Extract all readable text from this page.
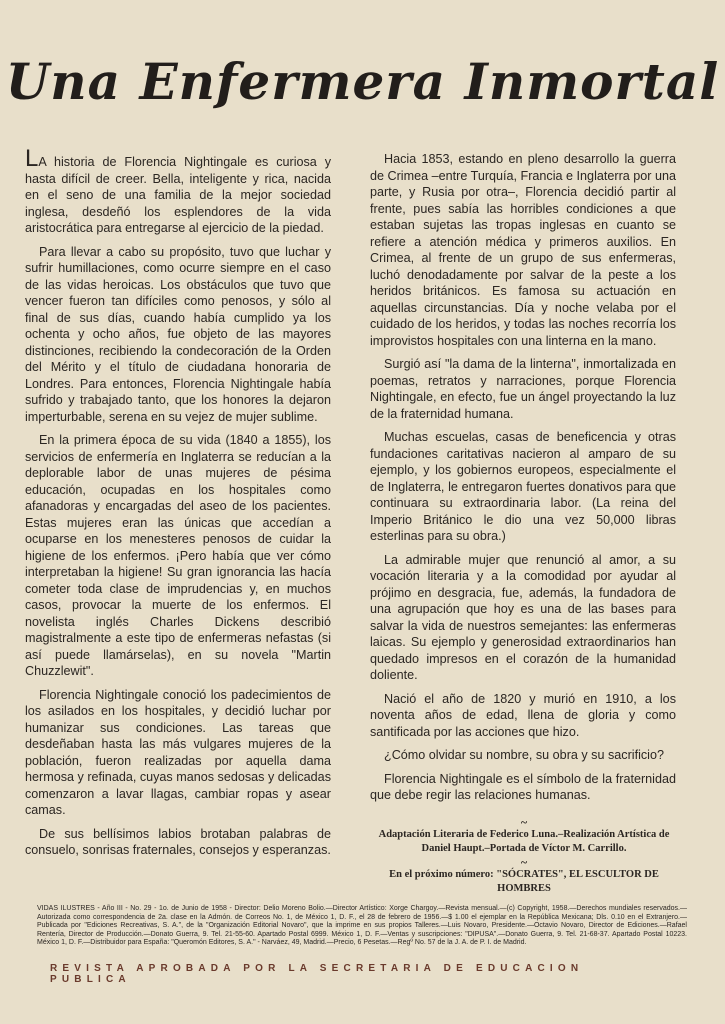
Una Enfermera Inmortal

LA historia de Florencia Nightingale es curiosa y hasta difícil de creer. Bella, inteligente y rica, nacida en el seno de una familia de la mejor sociedad inglesa, desdeñó los esplendores de la vida aristocrática para entregarse al ejercicio de la piedad.

Para llevar a cabo su propósito, tuvo que luchar y sufrir humillaciones, como ocurre siempre en el caso de las vidas heroicas. Los obstáculos que tuvo que vencer fueron tan difíciles como penosos, y sólo al final de sus días, cuando había cumplido ya los ochenta y ocho años, fue objeto de las mayores distinciones, recibiendo la condecoración de la Orden del Mérito y el título de ciudadana honoraria de Londres. Para entonces, Florencia Nightingale había sufrido y trabajado tanto, que los honores la dejaron imperturbable, serena en su vejez de mujer sublime.

En la primera época de su vida (1840 a 1855), los servicios de enfermería en Inglaterra se reducían a la deplorable labor de unas mujeres de pésima educación, ocupadas en los hospitales como afanadoras y encargadas del aseo de los pacientes. Estas mujeres eran las únicas que accedían a ocuparse en los menesteres penosos de cuidar la higiene de los enfermos. ¡Pero había que ver cómo interpretaban la higiene! Su gran ignorancia las hacía cometer toda clase de imprudencias y, en muchos casos, provocar la muerte de los enfermos. El novelista inglés Charles Dickens describió magistralmente a este tipo de enfermeras nefastas (si así puede llamárselas), en su novela "Martin Chuzzlewit".

Florencia Nightingale conoció los padecimientos de los asilados en los hospitales, y decidió luchar por humanizar sus condiciones. Las tareas que desdeñaban hasta las más vulgares mujeres de la población, fueron realizadas por aquella dama hermosa y refinada, cuyas manos sedosas y delicadas comenzaron a lavar llagas, cambiar ropas y asear camas.

De sus bellísimos labios brotaban palabras de consuelo, sonrisas fraternales, consejos y esperanzas.

Hacia 1853, estando en pleno desarrollo la guerra de Crimea –entre Turquía, Francia e Inglaterra por una parte, y Rusia por otra–, Florencia decidió partir al frente, pues sabía las horribles condiciones a que estaban sujetas las tropas inglesas en cuanto se refiere a atención médica y primeros auxilios. En Crimea, al frente de un grupo de sus enfermeras, luchó denodadamente por salvar de la peste a los heridos británicos. Es famosa su actuación en aquellas circunstancias. Día y noche velaba por el cuidado de los heridos, y todas las noches recorría los improvistos hospitales con una linterna en la mano.

Surgió así "la dama de la linterna", inmortalizada en poemas, retratos y narraciones, porque Florencia Nightingale, en efecto, fue un ángel proyectando la luz de la fraternidad humana.

Muchas escuelas, casas de beneficencia y otras fundaciones caritativas nacieron al amparo de su ejemplo, y los gobiernos europeos, especialmente el de Inglaterra, le entregaron fuertes donativos para que continuara su extraordinaria labor. (La reina del Imperio Británico le dio una vez 50,000 libras esterlinas para su obra.)

La admirable mujer que renunció al amor, a su vocación literaria y a la comodidad por ayudar al prójimo en desgracia, fue, además, la fundadora de una agrupación que hoy es una de las bases para salvar la vida de nuestros semejantes: las enfermeras laicas. Su ejemplo y generosidad extraordinarios han quedado impresos en el corazón de la humanidad doliente.

Nació el año de 1820 y murió en 1910, a los noventa años de edad, llena de gloria y como santificada por las acciones que hizo.

¿Cómo olvidar su nombre, su obra y su sacrificio?

Florencia Nightingale es el símbolo de la fraternidad que debe regir las relaciones humanas.

~
Adaptación Literaria de Federico Luna.–Realización Artística de Daniel Haupt.–Portada de Víctor M. Carrillo.
~
En el próximo número: "SÓCRATES", EL ESCULTOR DE HOMBRES
VIDAS ILUSTRES - Año III - No. 29 - 1o. de Junio de 1958 - Director: Delio Moreno Bolio.—Director Artístico: Xorge Chargoy.—Revista mensual.—(c) Copyright, 1958.—Derechos mundiales reservados.—Autorizada como correspondencia de 2a. clase en la Admón. de Correos No. 1, de México 1, D. F., el 28 de febrero de 1956.—$ 1.00 el ejemplar en la República Mexicana; Dls. 0.10 en el Extranjero.—Publicada por "Ediciones Recreativas, S. A.", de la "Organización Editorial Novaro", que la imprime en sus propios Talleres.—Luis Novaro, Presidente.—Octavio Novaro, Director de Ediciones.—Rafael Rentería, Director de Producción.—Donato Guerra, 9. Tel. 21-55-60. Apartado Postal 6999. México 1, D. F.—Ventas y suscripciones: "DIPUSA".—Donato Guerra, 9. Tel. 21-68-37. Apartado Postal 10223. México 1, D. F.—Distribuidor para España: "Queromón Editores, S. A." - Narváez, 49, Madrid.—Precio, 6 Pesetas.—Regº No. 57 de la J. A. de P. I. de Madrid.
REVISTA APROBADA POR LA SECRETARIA DE EDUCACION PUBLICA
